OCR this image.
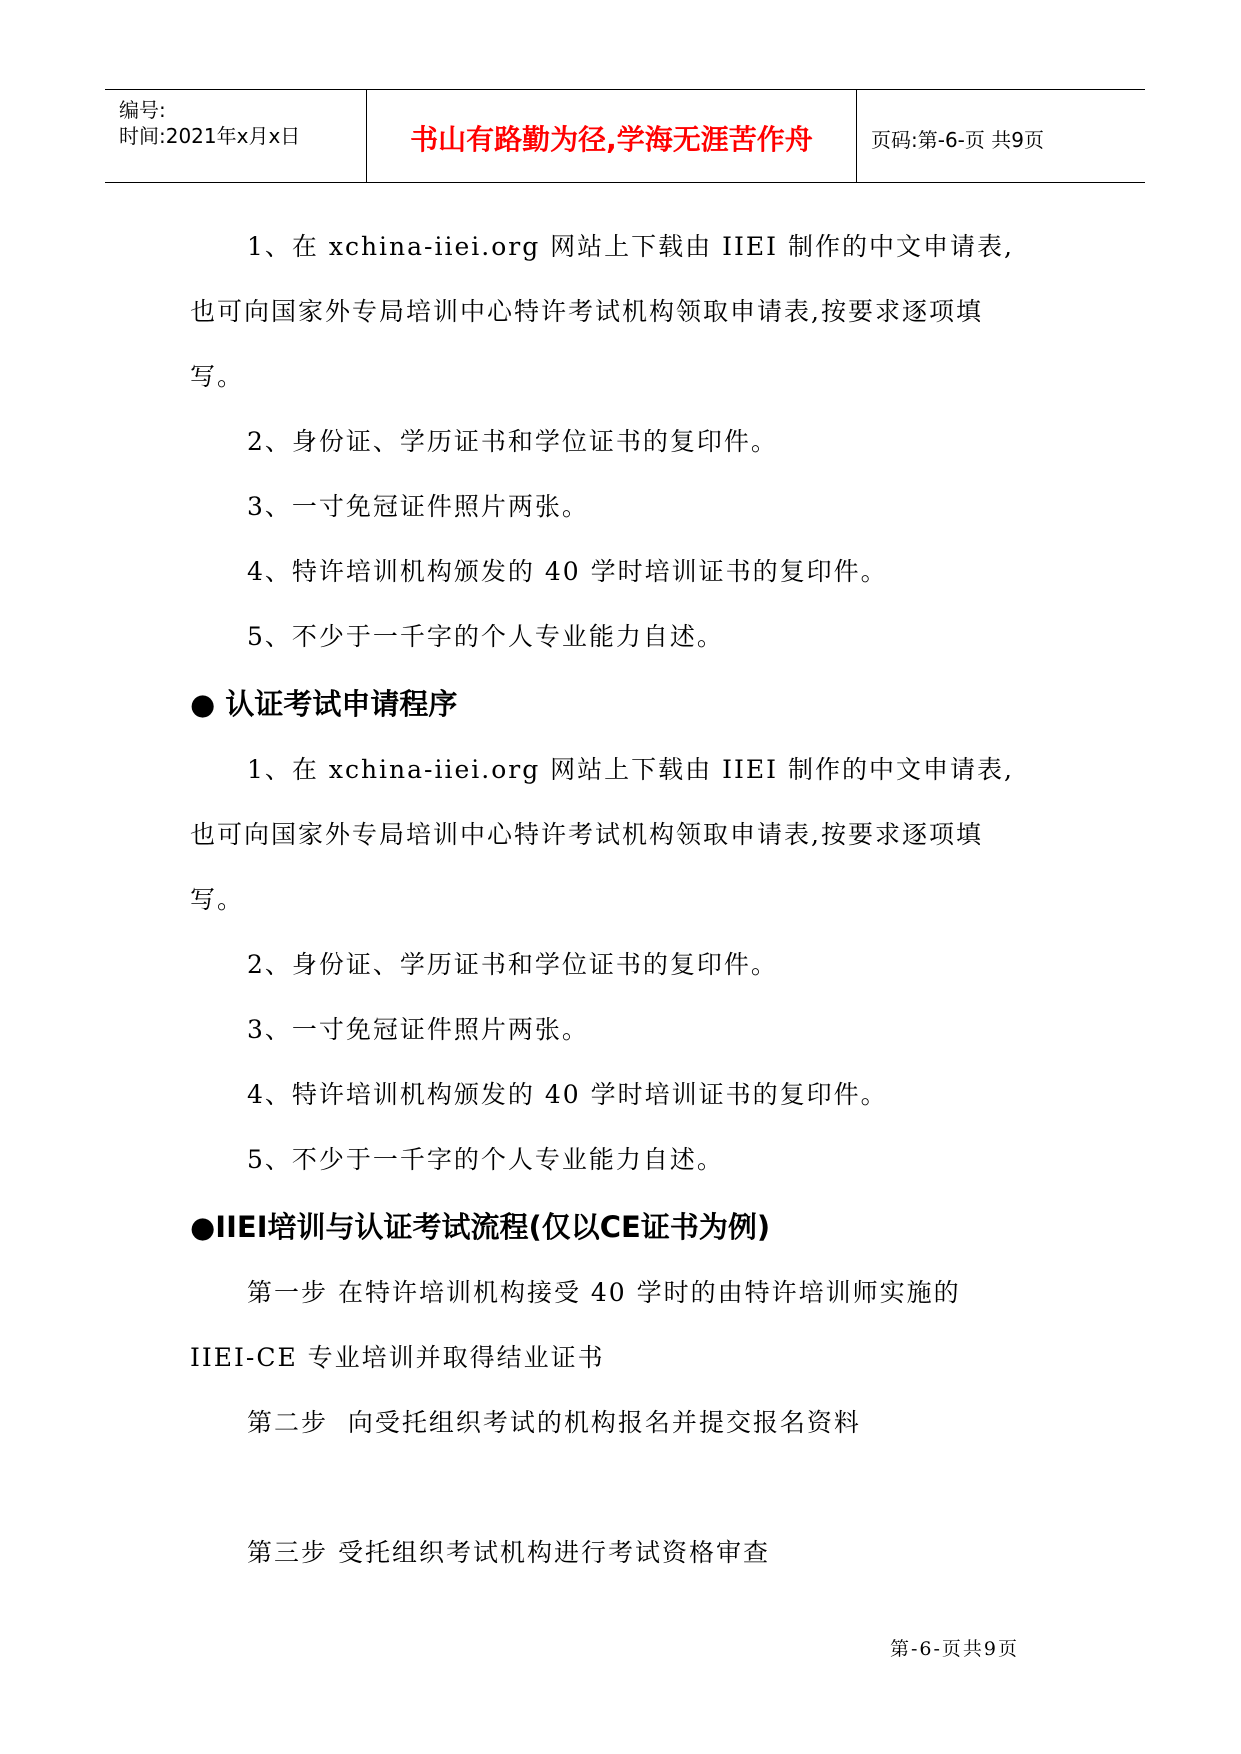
编号:
时间:2021年x月x日	书山有路勤为径,学海无涯苦作舟	页码:第-6-页 共9页
1、在 xchina-iiei.org 网站上下载由 IIEI 制作的中文申请表,
也可向国家外专局培训中心特许考试机构领取申请表,按要求逐项填
写。
2、身份证、学历证书和学位证书的复印件。
3、一寸免冠证件照片两张。
4、特许培训机构颁发的 40 学时培训证书的复印件。
5、不少于一千字的个人专业能力自述。
● 认证考试申请程序
1、在 xchina-iiei.org 网站上下载由 IIEI 制作的中文申请表,
也可向国家外专局培训中心特许考试机构领取申请表,按要求逐项填
写。
2、身份证、学历证书和学位证书的复印件。
3、一寸免冠证件照片两张。
4、特许培训机构颁发的 40 学时培训证书的复印件。
5、不少于一千字的个人专业能力自述。
●IIEI培训与认证考试流程(仅以CE证书为例)
第一步 在特许培训机构接受 40 学时的由特许培训师实施的
IIEI-CE 专业培训并取得结业证书
第二步  向受托组织考试的机构报名并提交报名资料
第三步 受托组织考试机构进行考试资格审查
第-6-页共9页
